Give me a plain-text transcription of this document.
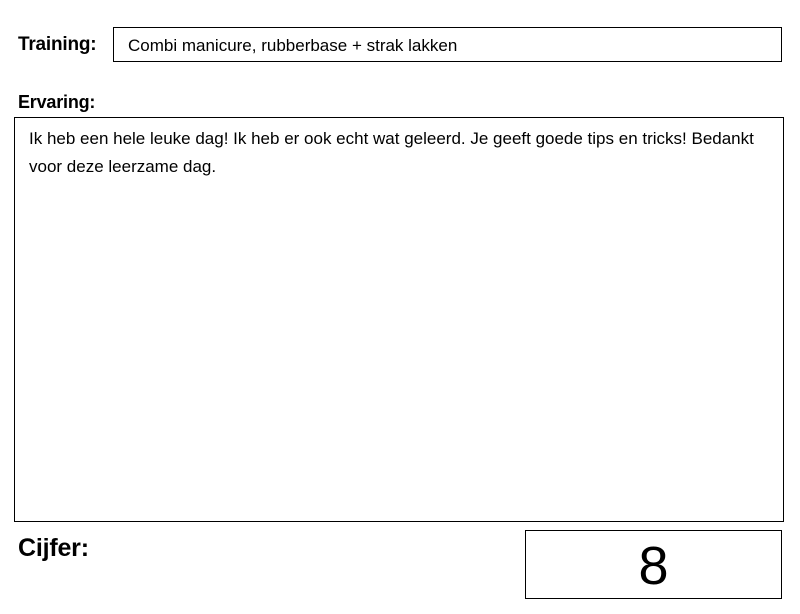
Training:	Combi manicure, rubberbase + strak lakken
Ervaring:
Ik heb een hele leuke dag! Ik heb er ook echt wat geleerd. Je geeft goede tips en tricks! Bedankt voor deze leerzame dag.
Cijfer:	8
